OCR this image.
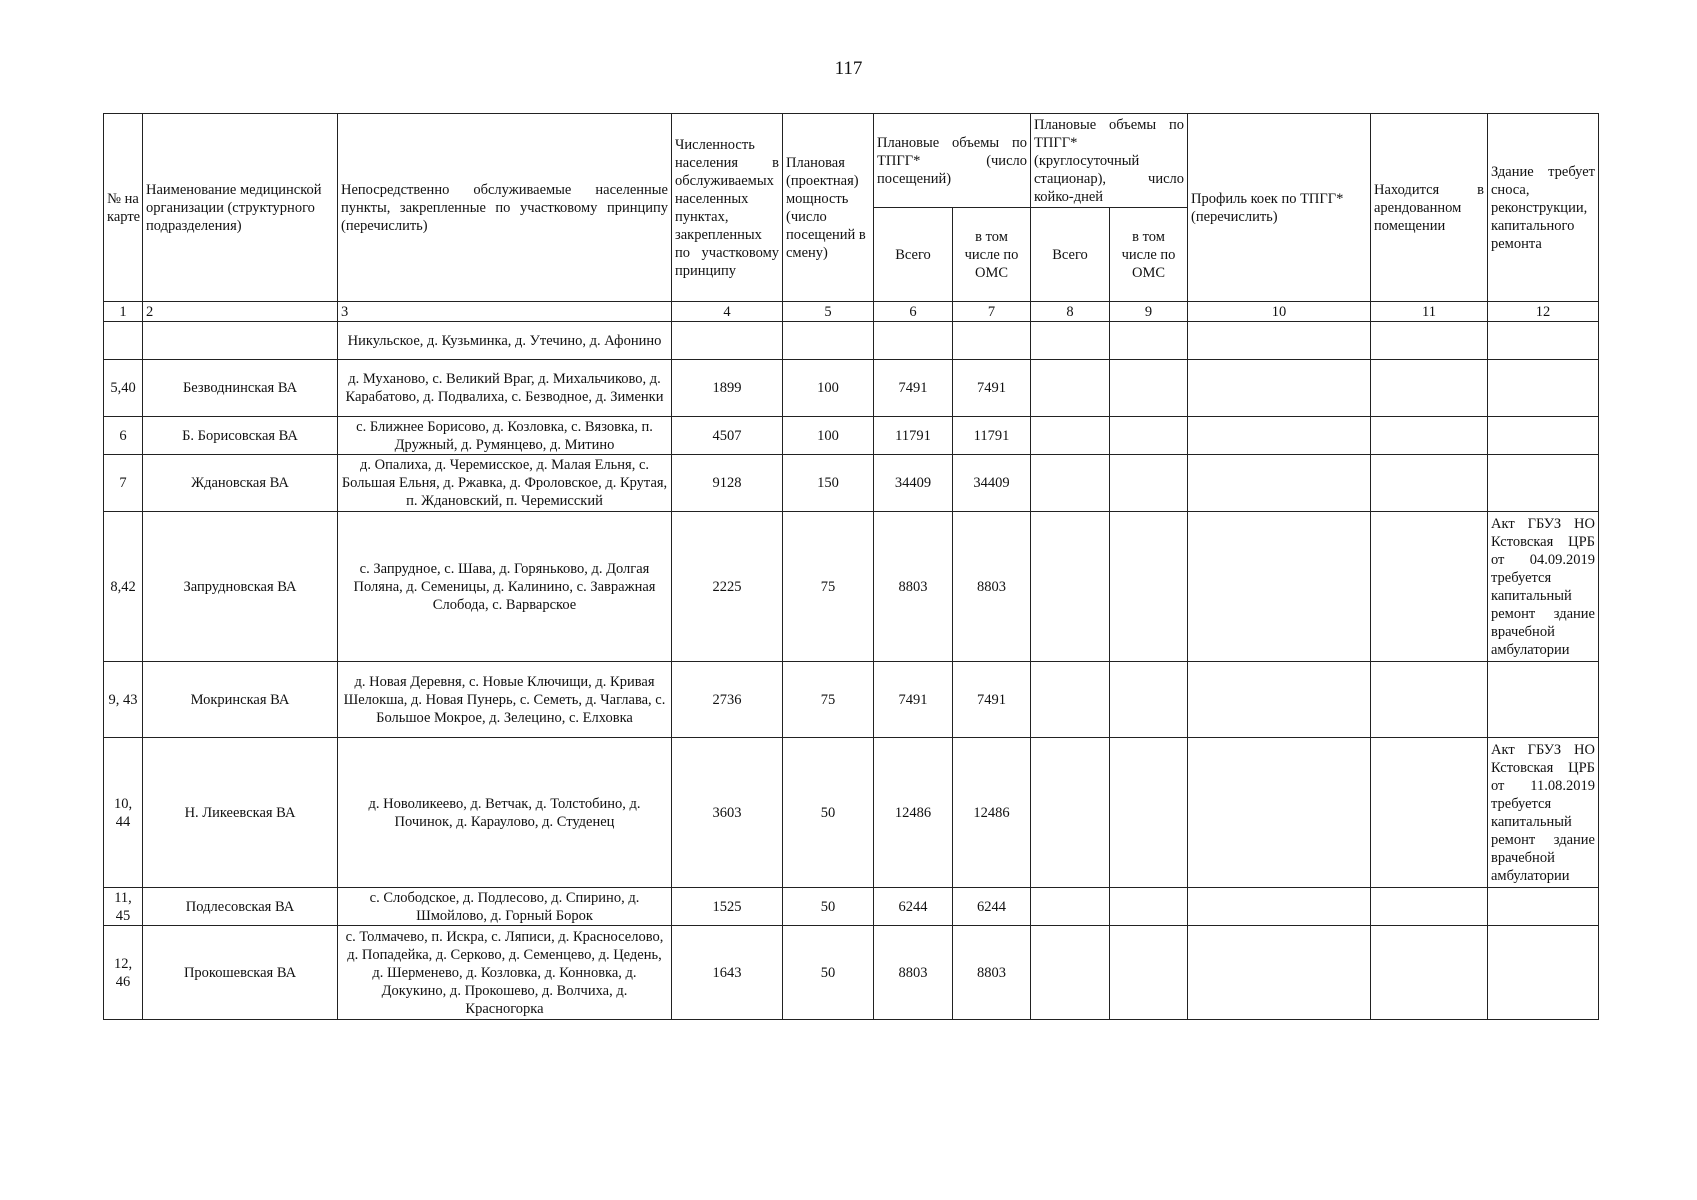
117
№ на карте	Наименование медицинской организации (структурного подразделения)	Непосредственно обслуживаемые населенные пункты, закрепленные по участковому принципу (перечислить)	Численность населения в обслуживаемых населенных пунктах, закрепленных по участковому принципу	Плановая (проектная) мощность (число посещений в смену)	Плановые объемы по ТПГГ* (число посещений)		Плановые объемы по ТПГГ* (круглосуточный стационар), число койко-дней		Профиль коек по ТПГГ* (перечислить)	Находится в арендованном помещении	Здание требует сноса, реконструкции, капитального ремонта
					Всего	в том числе по ОМС	Всего	в том числе по ОМС			
1	2	3	4	5	6	7	8	9	10	11	12
		Никульское, д. Кузьминка, д. Утечино, д. Афонино									
5,40	Безводнинская ВА	д. Муханово, с. Великий Враг, д. Михальчиково, д. Карабатово, д. Подвалиха, с. Безводное, д. Зименки	1899	100	7491	7491					
6	Б. Борисовская ВА	с. Ближнее Борисово, д. Козловка, с. Вязовка, п. Дружный, д. Румянцево, д. Митино	4507	100	11791	11791					
7	Ждановская ВА	д. Опалиха, д. Черемисское, д. Малая Ельня, с. Большая Ельня, д. Ржавка, д. Фроловское, д. Крутая, п. Ждановский, п. Черемисский	9128	150	34409	34409					
8,42	Запрудновская ВА	с. Запрудное, с. Шава, д. Горяньково, д. Долгая Поляна, д. Семеницы, д. Калинино, с. Завражная Слобода, с. Варварское	2225	75	8803	8803					Акт ГБУЗ НО Кстовская ЦРБ от 04.09.2019 требуется капитальный ремонт здание врачебной амбулатории
9, 43	Мокринская ВА	д. Новая Деревня, с. Новые Ключищи, д. Кривая Шелокша, д. Новая Пунерь, с. Семеть, д. Чаглава, с. Большое Мокрое, д. Зелецино, с. Елховка	2736	75	7491	7491					
10, 44	Н. Ликеевская ВА	д. Новоликеево, д. Ветчак, д. Толстобино, д. Починок, д. Караулово, д. Студенец	3603	50	12486	12486					Акт ГБУЗ НО Кстовская ЦРБ от 11.08.2019 требуется капитальный ремонт здание врачебной амбулатории
11, 45	Подлесовская ВА	с. Слободское, д. Подлесово, д. Спирино, д. Шмойлово, д. Горный Борок	1525	50	6244	6244					
12, 46	Прокошевская ВА	с. Толмачево, п. Искра, с. Ляписи, д. Красноселово, д. Попадейка, д. Серково, д. Семенцево, д. Цедень, д. Шерменево, д. Козловка, д. Конновка, д. Докукино, д. Прокошево, д. Волчиха, д. Красногорка	1643	50	8803	8803					
